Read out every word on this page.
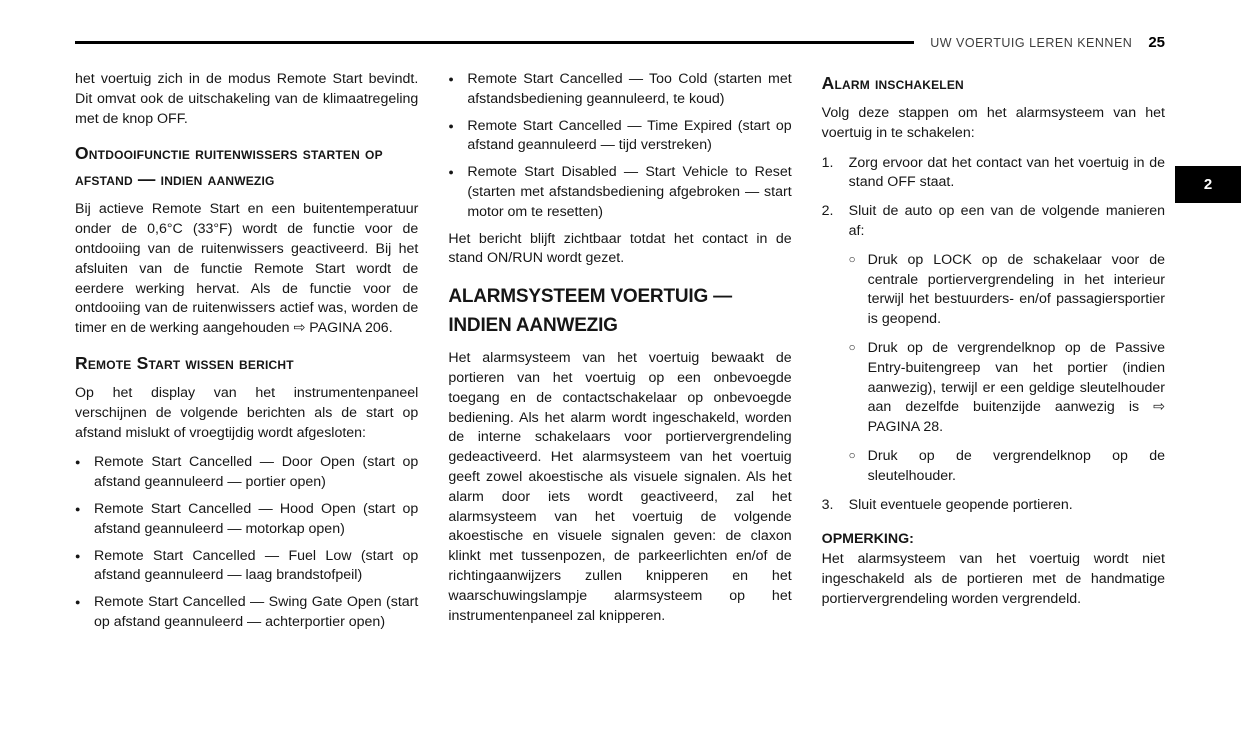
UW VOERTUIG LEREN KENNEN 25
2

het voertuig zich in de modus Remote Start bevindt. Dit omvat ook de uitschakeling van de klimaatregeling met de knop OFF.

Ontdooifunctie ruitenwissers starten op afstand — indien aanwezig

Bij actieve Remote Start en een buitentemperatuur onder de 0,6°C (33°F) wordt de functie voor de ontdooiing van de ruitenwissers geactiveerd. Bij het afsluiten van de functie Remote Start wordt de eerdere werking hervat. Als de functie voor de ontdooiing van de ruitenwissers actief was, worden de timer en de werking aangehouden ⇨ PAGINA 206.

Remote Start wissen bericht

Op het display van het instrumentenpaneel verschijnen de volgende berichten als de start op afstand mislukt of vroegtijdig wordt afgesloten:

● Remote Start Cancelled — Door Open (start op afstand geannuleerd — portier open)
● Remote Start Cancelled — Hood Open (start op afstand geannuleerd — motorkap open)
● Remote Start Cancelled — Fuel Low (start op afstand geannuleerd — laag brandstofpeil)
● Remote Start Cancelled — Swing Gate Open (start op afstand geannuleerd — achterportier open)
● Remote Start Cancelled — Too Cold (starten met afstandsbediening geannuleerd, te koud)
● Remote Start Cancelled — Time Expired (start op afstand geannuleerd — tijd verstreken)
● Remote Start Disabled — Start Vehicle to Reset (starten met afstandsbediening afgebroken — start motor om te resetten)

Het bericht blijft zichtbaar totdat het contact in de stand ON/RUN wordt gezet.

ALARMSYSTEEM VOERTUIG — INDIEN AANWEZIG

Het alarmsysteem van het voertuig bewaakt de portieren van het voertuig op een onbevoegde toegang en de contactschakelaar op onbevoegde bediening. Als het alarm wordt ingeschakeld, worden de interne schakelaars voor portiervergrendeling gedeactiveerd. Het alarmsysteem van het voertuig geeft zowel akoestische als visuele signalen. Als het alarm door iets wordt geactiveerd, zal het alarmsysteem van het voertuig de volgende akoestische en visuele signalen geven: de claxon klinkt met tussenpozen, de parkeerlichten en/of de richtingaanwijzers zullen knipperen en het waarschuwingslampje alarmsysteem op het instrumentenpaneel zal knipperen.

Alarm inschakelen

Volg deze stappen om het alarmsysteem van het voertuig in te schakelen:

1.	Zorg ervoor dat het contact van het voertuig in de stand OFF staat.
2.	Sluit de auto op een van de volgende manieren af:
○ Druk op LOCK op de schakelaar voor de centrale portiervergrendeling in het interieur terwijl het bestuurders- en/of passagiersportier is geopend.
○ Druk op de vergrendelknop op de Passive Entry-buitengreep van het portier (indien aanwezig), terwijl er een geldige sleutelhouder aan dezelfde buitenzijde aanwezig is ⇨ PAGINA 28.
○ Druk op de vergrendelknop op de sleutelhouder.
3.	Sluit eventuele geopende portieren.
OPMERKING:
Het alarmsysteem van het voertuig wordt niet ingeschakeld als de portieren met de handmatige portiervergrendeling worden vergrendeld.
